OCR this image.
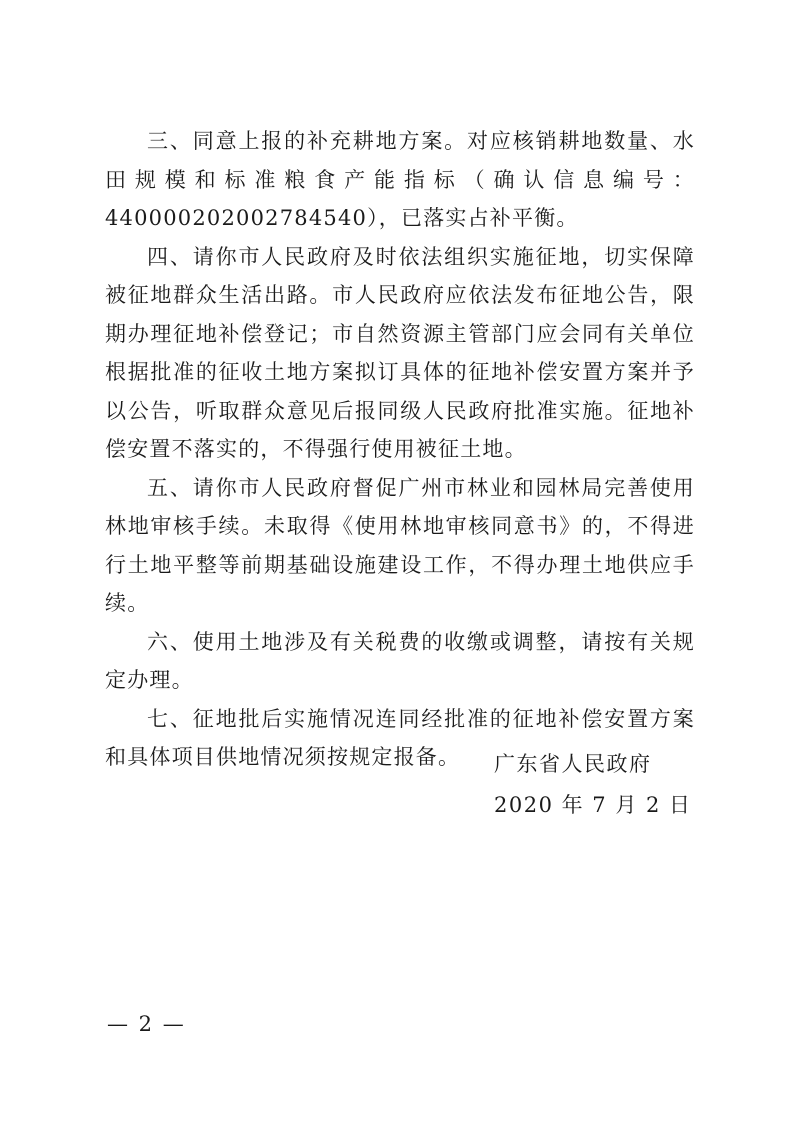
三、同意上报的补充耕地方案。对应核销耕地数量、水田规模和标准粮食产能指标（确认信息编号：440000202002784540），已落实占补平衡。

四、请你市人民政府及时依法组织实施征地，切实保障被征地群众生活出路。市人民政府应依法发布征地公告，限期办理征地补偿登记；市自然资源主管部门应会同有关单位根据批准的征收土地方案拟订具体的征地补偿安置方案并予以公告，听取群众意见后报同级人民政府批准实施。征地补偿安置不落实的，不得强行使用被征土地。

五、请你市人民政府督促广州市林业和园林局完善使用林地审核手续。未取得《使用林地审核同意书》的，不得进行土地平整等前期基础设施建设工作，不得办理土地供应手续。

六、使用土地涉及有关税费的收缴或调整，请按有关规定办理。

七、征地批后实施情况连同经批准的征地补偿安置方案和具体项目供地情况须按规定报备。	广东省人民政府
2020 年 7 月 2 日
— 2 —
